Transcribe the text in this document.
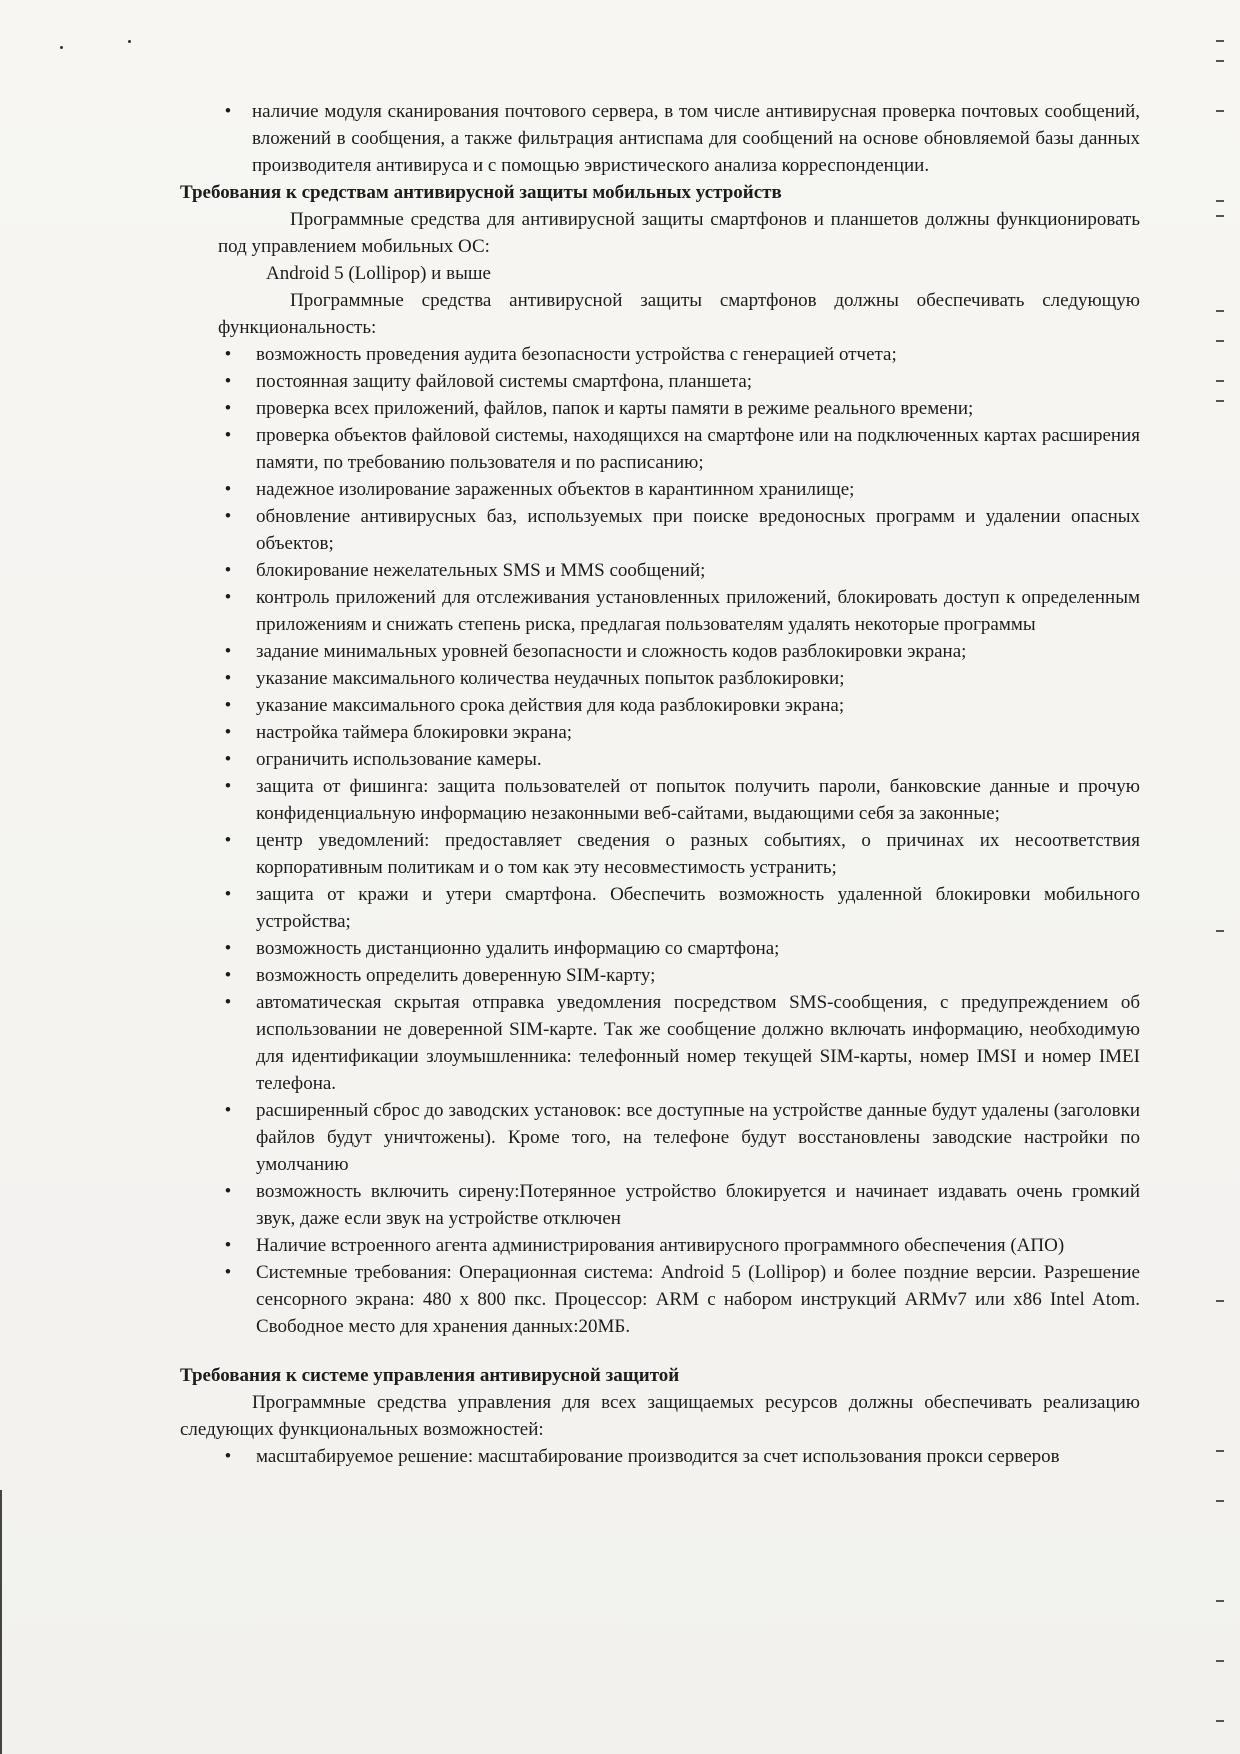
• наличие модуля сканирования почтового сервера, в том числе антивирусная проверка почтовых сообщений, вложений в сообщения, а также фильтрация антиспама для сообщений на основе обновляемой базы данных производителя антивируса и с помощью эвристического анализа корреспонденции.
Требования к средствам антивирусной защиты мобильных устройств
Программные средства для антивирусной защиты смартфонов и планшетов должны функционировать под управлением мобильных ОС:
Android 5 (Lollipop) и выше
Программные средства антивирусной защиты смартфонов должны обеспечивать следующую функциональность:
• возможность проведения аудита безопасности устройства с генерацией отчета;
• постоянная защиту файловой системы смартфона, планшета;
• проверка всех приложений, файлов, папок и карты памяти в режиме реального времени;
• проверка объектов файловой системы, находящихся на смартфоне или на подключенных картах расширения памяти, по требованию пользователя и по расписанию;
• надежное изолирование зараженных объектов в карантинном хранилище;
• обновление антивирусных баз, используемых при поиске вредоносных программ и удалении опасных объектов;
• блокирование нежелательных SMS и MMS сообщений;
• контроль приложений для отслеживания установленных приложений, блокировать доступ к определенным приложениям и снижать степень риска, предлагая пользователям удалять некоторые программы
• задание минимальных уровней безопасности и сложность кодов разблокировки экрана;
• указание максимального количества неудачных попыток разблокировки;
• указание максимального срока действия для кода разблокировки экрана;
• настройка таймера блокировки экрана;
• ограничить использование камеры.
• защита от фишинга: защита пользователей от попыток получить пароли, банковские данные и прочую конфиденциальную информацию незаконными веб-сайтами, выдающими себя за законные;
• центр уведомлений: предоставляет сведения о разных событиях, о причинах их несоответствия корпоративным политикам и о том как эту несовместимость устранить;
• защита от кражи и утери смартфона. Обеспечить возможность удаленной блокировки мобильного устройства;
• возможность дистанционно удалить информацию со смартфона;
• возможность определить доверенную SIM-карту;
• автоматическая скрытая отправка уведомления посредством SMS-сообщения, с предупреждением об использовании не доверенной SIM-карте. Так же сообщение должно включать информацию, необходимую для идентификации злоумышленника: телефонный номер текущей SIM-карты, номер IMSI и номер IMEI телефона.
• расширенный сброс до заводских установок: все доступные на устройстве данные будут удалены (заголовки файлов будут уничтожены). Кроме того, на телефоне будут восстановлены заводские настройки по умолчанию
• возможность включить сирену:Потерянное устройство блокируется и начинает издавать очень громкий звук, даже если звук на устройстве отключен
• Наличие встроенного агента администрирования антивирусного программного обеспечения (АПО)
• Системные требования: Операционная система: Android 5 (Lollipop) и более поздние версии. Разрешение сенсорного экрана: 480 x 800 пкс. Процессор: ARM с набором инструкций ARMv7 или x86 Intel Atom. Свободное место для хранения данных:20МБ.
Требования к системе управления антивирусной защитой
Программные средства управления для всех защищаемых ресурсов должны обеспечивать реализацию следующих функциональных возможностей:
• масштабируемое решение: масштабирование производится за счет использования прокси серверов
